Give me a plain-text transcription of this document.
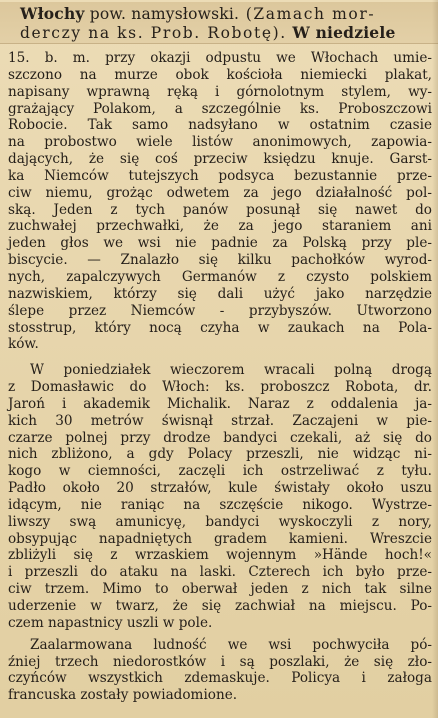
Włochy pow. namysłowski. (Zamach mor-
derczy na ks. Prob. Robotę). W niedziele
15. b. m. przy okazji odpustu we Włochach umie-
szczono na murze obok kościoła niemiecki plakat,
napisany wprawną ręką i górnolotnym stylem, wy-
grażający Polakom, a szczególnie ks. Proboszczowi
Robocie. Tak samo nadsyłano w ostatnim czasie
na probostwo wiele listów anonimowych, zapowia-
dających, że się coś przeciw księdzu knuje. Garst-
ka Niemców tutejszych podsyca bezustannie prze-
ciw niemu, grożąc odwetem za jego działalność pol-
ską. Jeden z tych panów posunął się nawet do
zuchwałej przechwałki, że za jego staraniem ani
jeden głos we wsi nie padnie za Polską przy ple-
biscycie. — Znalazło się kilku pachołków wyrod-
nych, zapalczywych Germanów z czysto polskiem
nazwiskiem, którzy się dali użyć jako narzędzie
ślepe przez Niemców - przybyszów. Utworzono
stosstrup, który nocą czyha w zaukach na Pola-
ków.
W poniedziałek wieczorem wracali polną drogą
z Domasławic do Włoch: ks. proboszcz Robota, dr.
Jaroń i akademik Michalik. Naraz z oddalenia ja-
kich 30 metrów świsnął strzał. Zaczajeni w pie-
czarze polnej przy drodze bandyci czekali, aż się do
nich zbliżono, a gdy Polacy przeszli, nie widząc ni-
kogo w ciemności, zaczęli ich ostrzeliwać z tyłu.
Padło około 20 strzałów, kule świstały około uszu
idącym, nie raniąc na szczęście nikogo. Wystrze-
liwszy swą amunicyę, bandyci wyskoczyli z nory,
obsypując napadniętych gradem kamieni. Wreszcie
zbliżyli się z wrzaskiem wojennym »Hände hoch!«
i przeszli do ataku na laski. Czterech ich było prze-
ciw trzem. Mimo to oberwał jeden z nich tak silne
uderzenie w twarz, że się zachwiał na miejscu. Po-
czem napastnicy uszli w pole.
Zaalarmowana ludność we wsi pochwyciła pó-
źniej trzech niedorostków i są poszlaki, że się zło-
czyńców wszystkich zdemaskuje. Policya i załoga
francuska zostały powiadomione.
